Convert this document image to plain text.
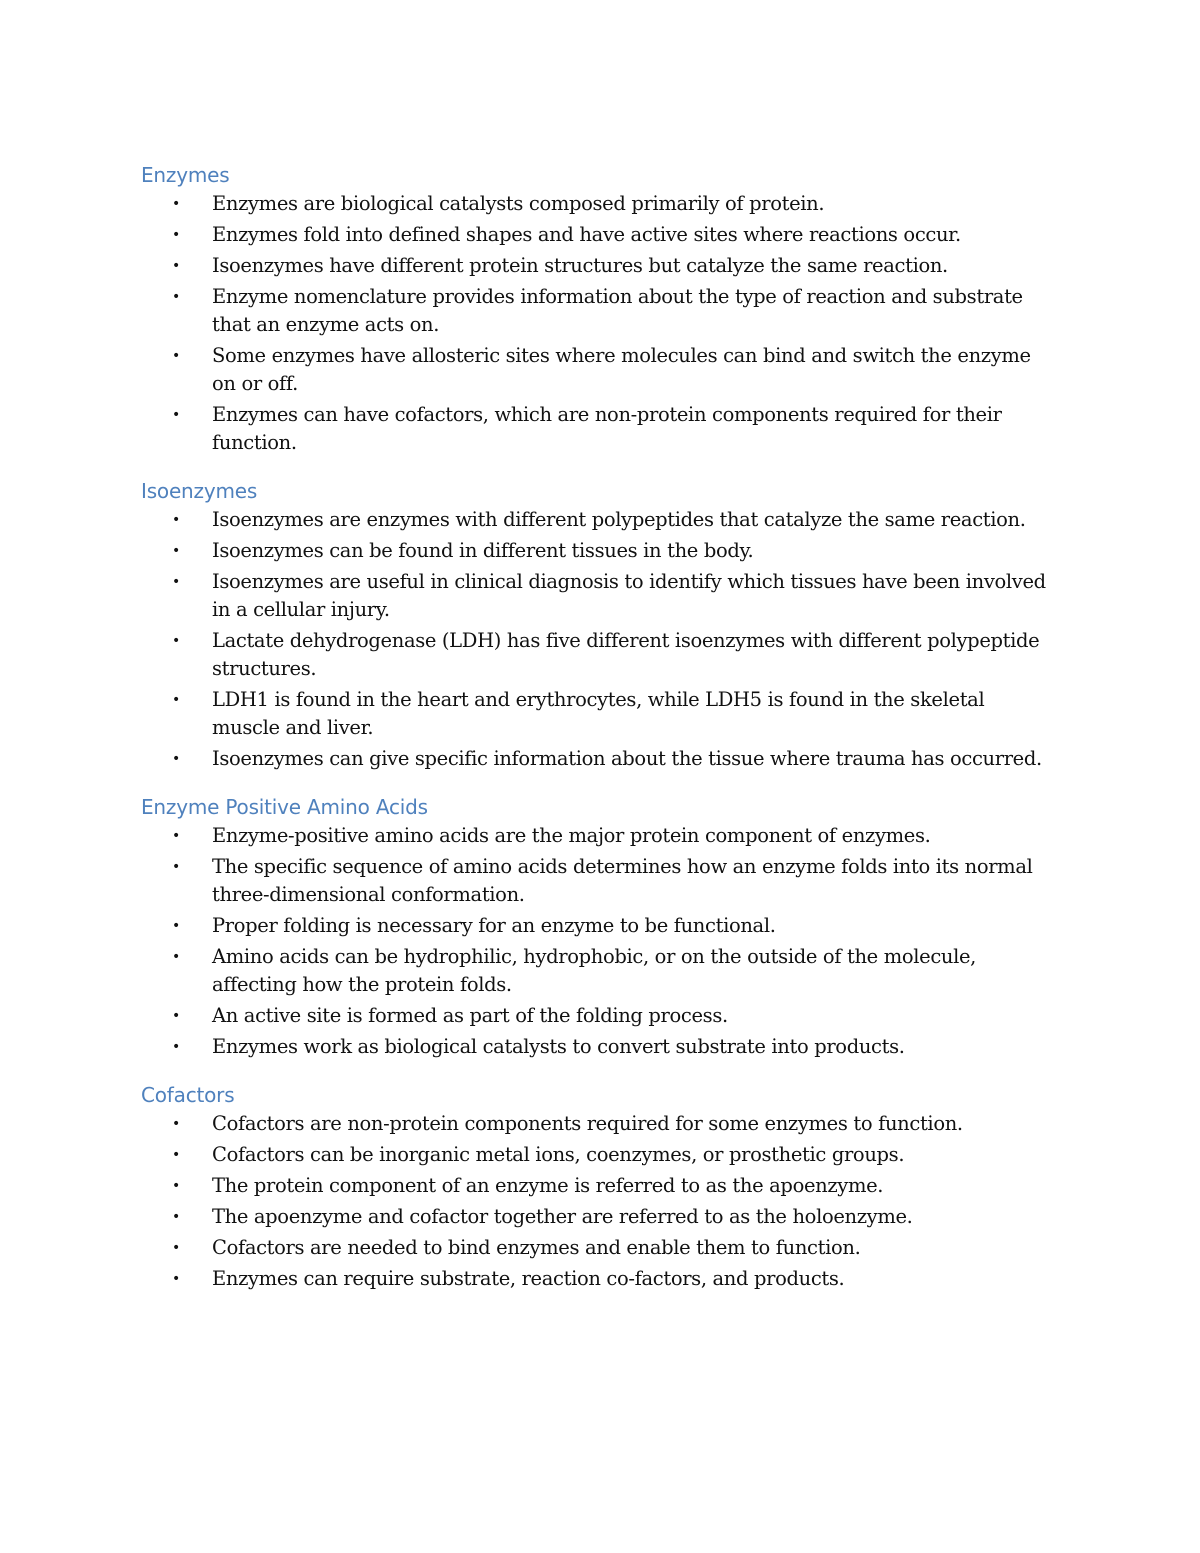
Enzymes
• Enzymes are biological catalysts composed primarily of protein.
• Enzymes fold into defined shapes and have active sites where reactions occur.
• Isoenzymes have different protein structures but catalyze the same reaction.
• Enzyme nomenclature provides information about the type of reaction and substrate that an enzyme acts on.
• Some enzymes have allosteric sites where molecules can bind and switch the enzyme on or off.
• Enzymes can have cofactors, which are non-protein components required for their function.
Isoenzymes
• Isoenzymes are enzymes with different polypeptides that catalyze the same reaction.
• Isoenzymes can be found in different tissues in the body.
• Isoenzymes are useful in clinical diagnosis to identify which tissues have been involved in a cellular injury.
• Lactate dehydrogenase (LDH) has five different isoenzymes with different polypeptide structures.
• LDH1 is found in the heart and erythrocytes, while LDH5 is found in the skeletal muscle and liver.
• Isoenzymes can give specific information about the tissue where trauma has occurred.
Enzyme Positive Amino Acids
• Enzyme-positive amino acids are the major protein component of enzymes.
• The specific sequence of amino acids determines how an enzyme folds into its normal three-dimensional conformation.
• Proper folding is necessary for an enzyme to be functional.
• Amino acids can be hydrophilic, hydrophobic, or on the outside of the molecule, affecting how the protein folds.
• An active site is formed as part of the folding process.
• Enzymes work as biological catalysts to convert substrate into products.
Cofactors
• Cofactors are non-protein components required for some enzymes to function.
• Cofactors can be inorganic metal ions, coenzymes, or prosthetic groups.
• The protein component of an enzyme is referred to as the apoenzyme.
• The apoenzyme and cofactor together are referred to as the holoenzyme.
• Cofactors are needed to bind enzymes and enable them to function.
• Enzymes can require substrate, reaction co-factors, and products.
